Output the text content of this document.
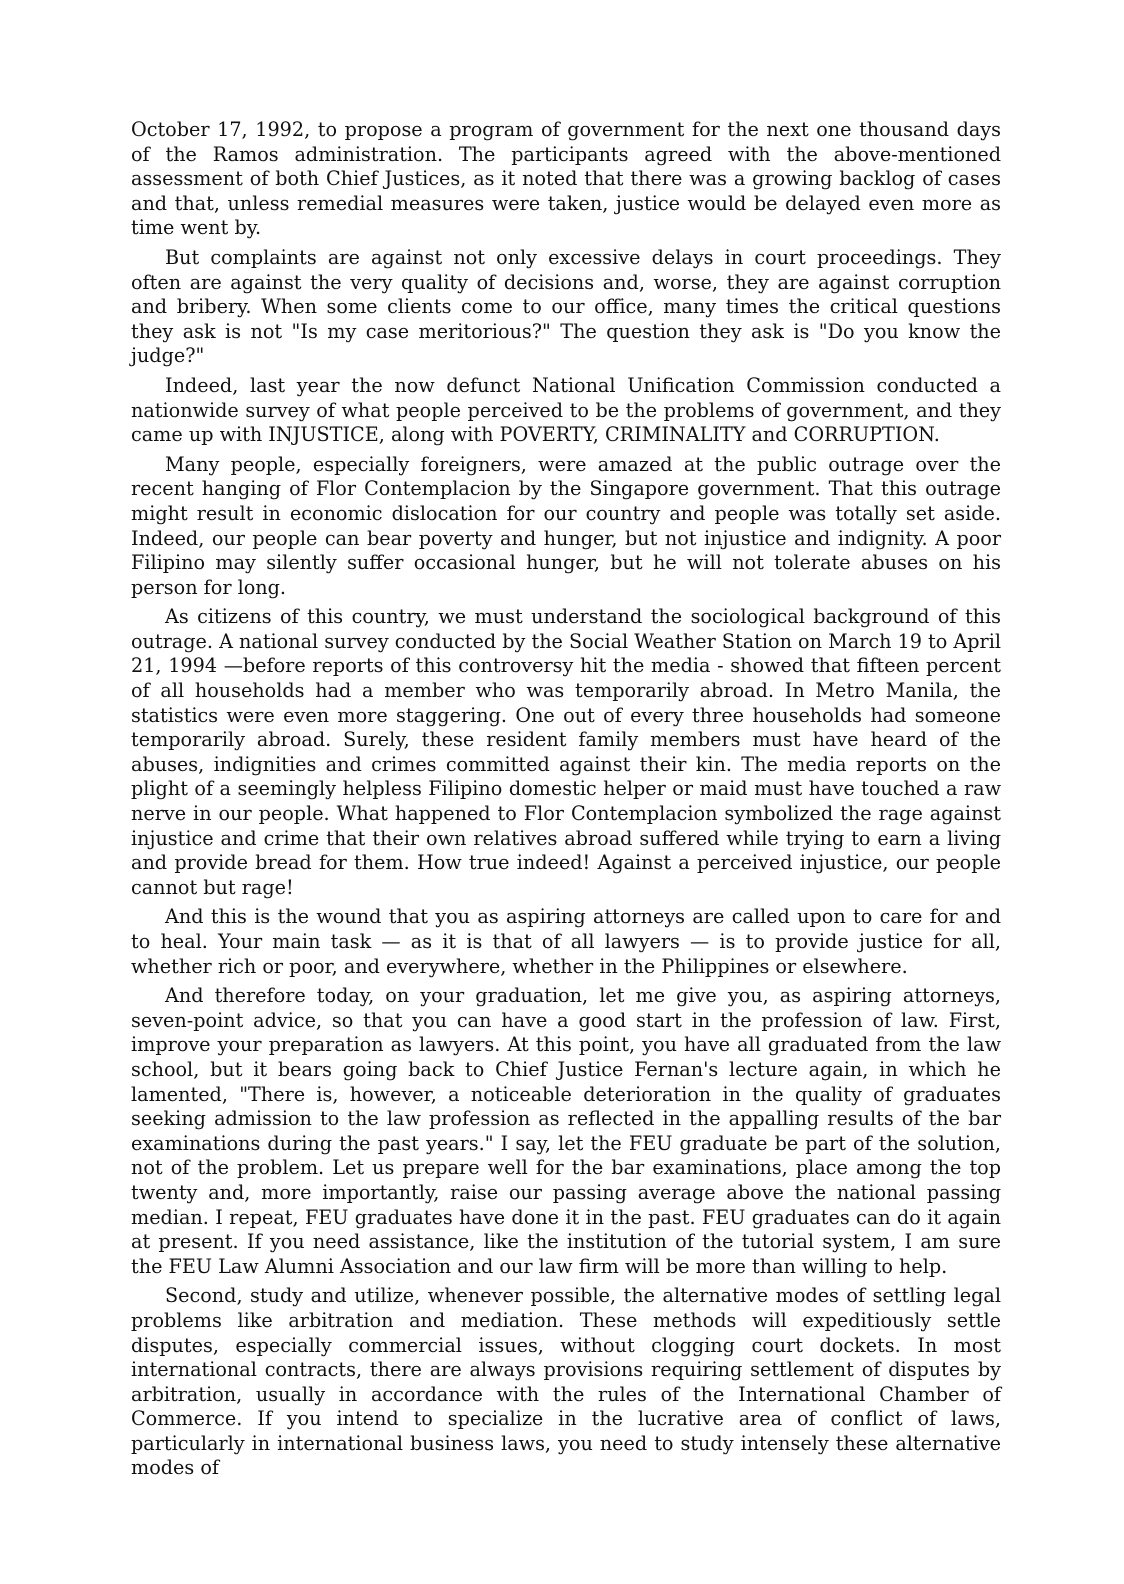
October 17, 1992, to propose a program of government for the next one thousand days of the Ramos administration. The participants agreed with the above-mentioned assessment of both Chief Justices, as it noted that there was a growing backlog of cases and that, unless remedial measures were taken, justice would be delayed even more as time went by.

But complaints are against not only excessive delays in court proceedings. They often are against the very quality of decisions and, worse, they are against corruption and bribery. When some clients come to our office, many times the critical questions they ask is not "Is my case meritorious?" The question they ask is "Do you know the judge?"

Indeed, last year the now defunct National Unification Commission conducted a nationwide survey of what people perceived to be the problems of government, and they came up with INJUSTICE, along with POVERTY, CRIMINALITY and CORRUPTION.

Many people, especially foreigners, were amazed at the public outrage over the recent hanging of Flor Contemplacion by the Singapore government. That this outrage might result in economic dislocation for our country and people was totally set aside. Indeed, our people can bear poverty and hunger, but not injustice and indignity. A poor Filipino may silently suffer occasional hunger, but he will not tolerate abuses on his person for long.

As citizens of this country, we must understand the sociological background of this outrage. A national survey conducted by the Social Weather Station on March 19 to April 21, 1994 —before reports of this controversy hit the media - showed that fifteen percent of all households had a member who was temporarily abroad. In Metro Manila, the statistics were even more staggering. One out of every three households had someone temporarily abroad. Surely, these resident family members must have heard of the abuses, indignities and crimes committed against their kin. The media reports on the plight of a seemingly helpless Filipino domestic helper or maid must have touched a raw nerve in our people. What happened to Flor Contemplacion symbolized the rage against injustice and crime that their own relatives abroad suffered while trying to earn a living and provide bread for them. How true indeed! Against a perceived injustice, our people cannot but rage!

And this is the wound that you as aspiring attorneys are called upon to care for and to heal. Your main task — as it is that of all lawyers — is to provide justice for all, whether rich or poor, and everywhere, whether in the Philippines or elsewhere.

And therefore today, on your graduation, let me give you, as aspiring attorneys, seven-point advice, so that you can have a good start in the profession of law. First, improve your preparation as lawyers. At this point, you have all graduated from the law school, but it bears going back to Chief Justice Fernan's lecture again, in which he lamented, "There is, however, a noticeable deterioration in the quality of graduates seeking admission to the law profession as reflected in the appalling results of the bar examinations during the past years." I say, let the FEU graduate be part of the solution, not of the problem. Let us prepare well for the bar examinations, place among the top twenty and, more importantly, raise our passing average above the national passing median. I repeat, FEU graduates have done it in the past. FEU graduates can do it again at present. If you need assistance, like the institution of the tutorial system, I am sure the FEU Law Alumni Association and our law firm will be more than willing to help.

Second, study and utilize, whenever possible, the alternative modes of settling legal problems like arbitration and mediation. These methods will expeditiously settle disputes, especially commercial issues, without clogging court dockets. In most international contracts, there are always provisions requiring settlement of disputes by arbitration, usually in accordance with the rules of the International Chamber of Commerce. If you intend to specialize in the lucrative area of conflict of laws, particularly in international business laws, you need to study intensely these alternative modes of
